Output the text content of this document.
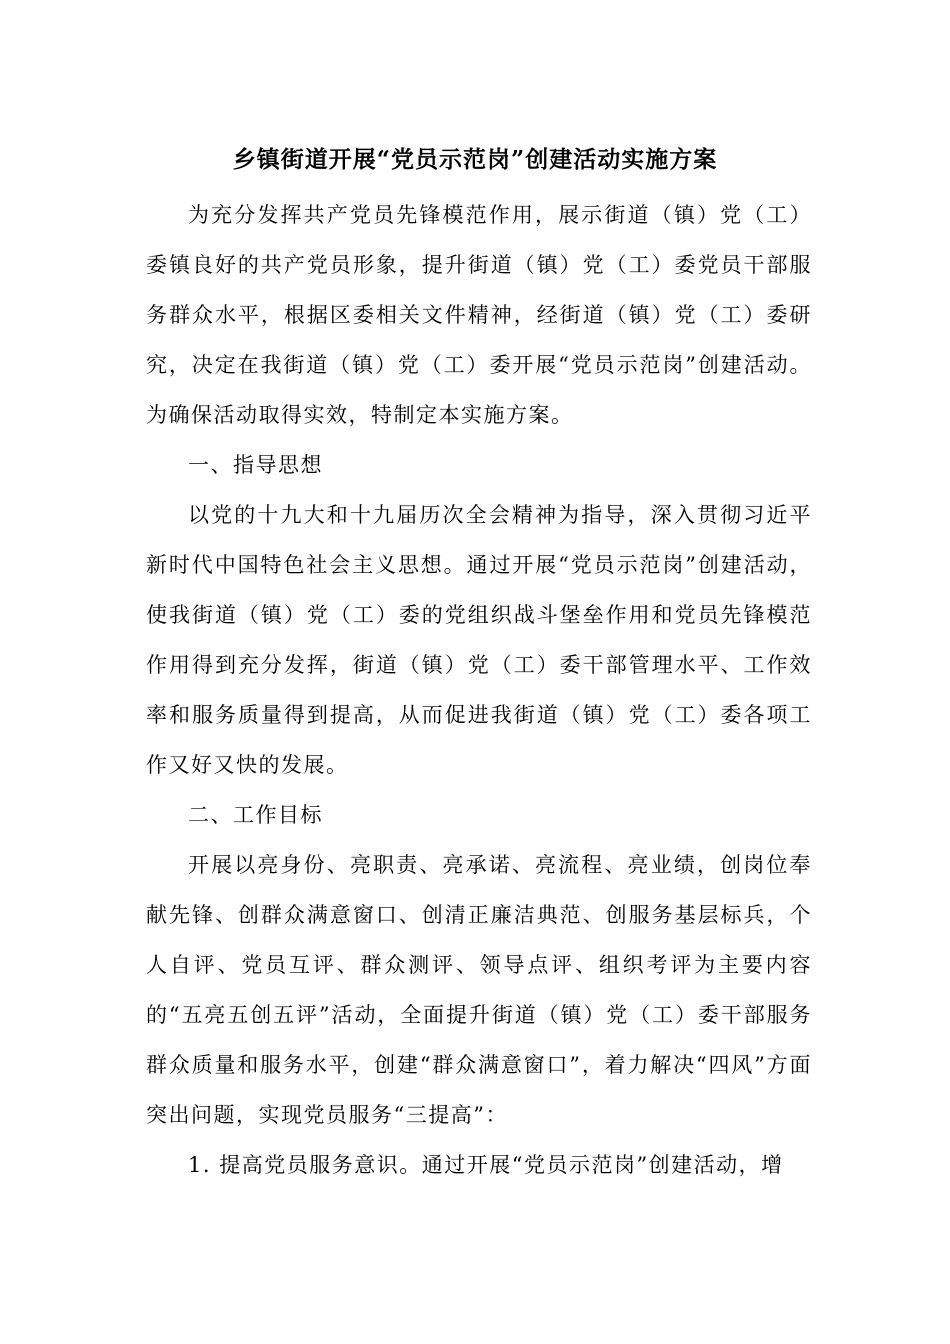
乡镇街道开展“党员示范岗”创建活动实施方案

为充分发挥共产党员先锋模范作用，展示街道（镇）党（工）委镇良好的共产党员形象，提升街道（镇）党（工）委党员干部服务群众水平，根据区委相关文件精神，经街道（镇）党（工）委研究，决定在我街道（镇）党（工）委开展“党员示范岗”创建活动。为确保活动取得实效，特制定本实施方案。

一、指导思想

以党的十九大和十九届历次全会精神为指导，深入贯彻习近平新时代中国特色社会主义思想。通过开展“党员示范岗”创建活动，使我街道（镇）党（工）委的党组织战斗堡垒作用和党员先锋模范作用得到充分发挥，街道（镇）党（工）委干部管理水平、工作效率和服务质量得到提高，从而促进我街道（镇）党（工）委各项工作又好又快的发展。

二、工作目标

开展以亮身份、亮职责、亮承诺、亮流程、亮业绩，创岗位奉献先锋、创群众满意窗口、创清正廉洁典范、创服务基层标兵，个人自评、党员互评、群众测评、领导点评、组织考评为主要内容的“五亮五创五评”活动，全面提升街道（镇）党（工）委干部服务群众质量和服务水平，创建“群众满意窗口”，着力解决“四风”方面突出问题，实现党员服务“三提高”：

1. 提高党员服务意识。通过开展“党员示范岗”创建活动，增
